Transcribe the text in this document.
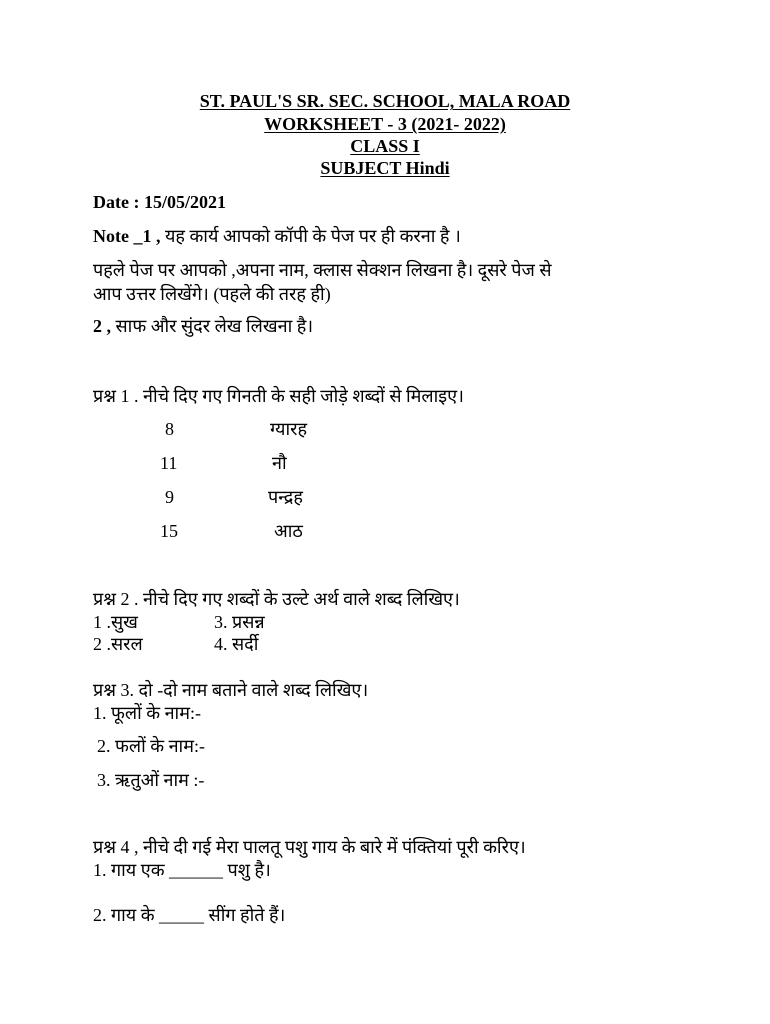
ST. PAUL'S SR. SEC. SCHOOL, MALA ROAD
WORKSHEET - 3 (2021- 2022)
CLASS I
SUBJECT Hindi
Date : 15/05/2021
Note _1 , यह कार्य आपको कॉपी के पेज पर ही करना है ।
पहले पेज पर आपको ,अपना नाम, क्लास सेक्शन लिखना है। दूसरे पेज से
आप उत्तर लिखेंगे। (पहले की तरह ही)
2 , साफ और सुंदर लेख लिखना है।
प्रश्न 1 . नीचे दिए गए गिनती के सही जोड़े शब्दों से मिलाइए।
8	ग्यारह
11	नौ
9	पन्द्रह
15	आठ
प्रश्न 2 . नीचे दिए गए शब्दों के उल्टे अर्थ वाले शब्द लिखिए।
1 .सुख	3. प्रसन्न
2 .सरल	4. सर्दी
प्रश्न 3. दो -दो नाम बताने वाले शब्द लिखिए।
1. फूलों के नाम:-
2. फलों के नाम:-
3. ऋतुओं नाम :-
प्रश्न 4 , नीचे दी गई मेरा पालतू पशु गाय के बारे में पंक्तियां पूरी करिए।
1. गाय एक ______ पशु है।
2. गाय के _____ सींग होते हैं।
